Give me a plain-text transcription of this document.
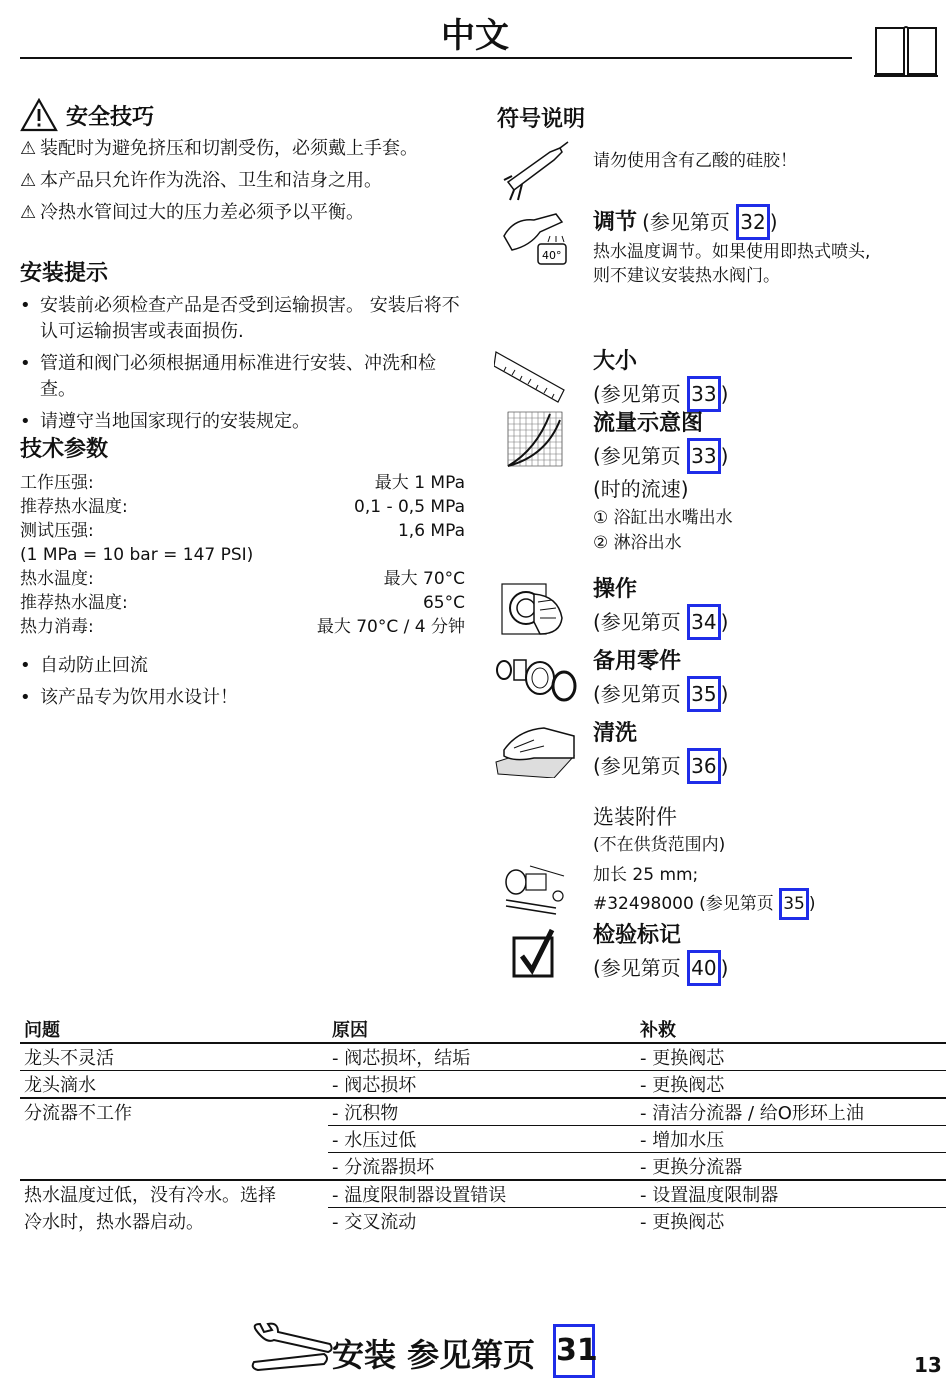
中文
安全技巧
⚠ 装配时为避免挤压和切割受伤，必须戴上手套。
⚠ 本产品只允许作为洗浴、卫生和洁身之用。
⚠ 冷热水管间过大的压力差必须予以平衡。
安装提示
• 安装前必须检查产品是否受到运输损害。 安装后将不认可运输损害或表面损伤.
• 管道和阀门必须根据通用标准进行安装、冲洗和检查。
• 请遵守当地国家现行的安装规定。
技术参数
工作压强:	最大 1 MPa
推荐热水温度:	0,1 - 0,5 MPa
测试压强:	1,6 MPa
(1 MPa = 10 bar = 147 PSI)
热水温度:	最大 70°C
推荐热水温度:	65°C
热力消毒:	最大 70°C / 4 分钟
• 自动防止回流
• 该产品专为饮用水设计！
符号说明
请勿使用含有乙酸的硅胶！
40°
调节 (参见第页 32 )
热水温度调节。如果使用即热式喷头,
则不建议安装热水阀门。
大小
(参见第页 33 )
流量示意图
(参见第页 33 )
(时的流速)
① 浴缸出水嘴出水
② 淋浴出水
操作
(参见第页 34 )
备用零件
(参见第页 35 )
清洗
(参见第页 36 )
选装附件
(不在供货范围内)
加长 25 mm;
#32498000 (参见第页 35 )
检验标记
(参见第页 40 )
问题	原因	补救
龙头不灵活	- 阀芯损坏，结垢	- 更换阀芯
龙头滴水	- 阀芯损坏	- 更换阀芯
分流器不工作	- 沉积物	- 清洁分流器 / 给O形环上油
	- 水压过低	- 增加水压
	- 分流器损坏	- 更换分流器
热水温度过低，没有冷水。选择	- 温度限制器设置错误	- 设置温度限制器
冷水时，热水器启动。	- 交叉流动	- 更换阀芯
安装 参见第页 31	13
